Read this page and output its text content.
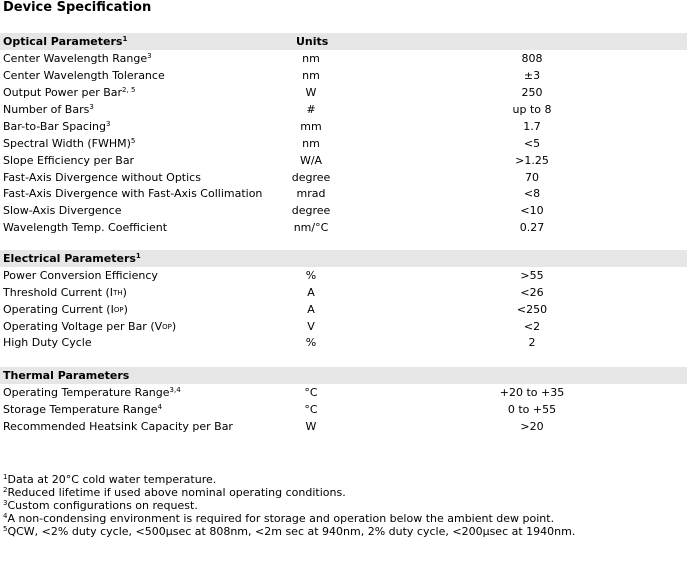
Device Specification
Optical Parameters$^1$	Units
Center Wavelength Range$^3$	nm	808
Center Wavelength Tolerance	nm	±3
Output Power per Bar$^{2, 5}$	W	250
Number of Bars$^3$	#	up to 8
Bar-to-Bar Spacing$^3$	mm	1.7
Spectral Width (FWHM)$^5$	nm	<5
Slope Efficiency per Bar	W/A	>1.25
Fast-Axis Divergence without Optics	degree	70
Fast-Axis Divergence with Fast-Axis Collimation	mrad	<8
Slow-Axis Divergence	degree	<10
Wavelength Temp. Coefficient	nm/°C	0.27
Electrical Parameters$^1$
Power Conversion Efficiency	%	>55
Threshold Current $(I_{TH})$	A	<26
Operating Current $(I_{OP})$	A	<250
Operating Voltage per Bar $(V_{OP})$	V	<2
High Duty Cycle	%	2
Thermal Parameters
Operating Temperature Range$^{3,4}$	°C	+20 to +35
Storage Temperature Range$^4$	°C	0 to +55
Recommended Heatsink Capacity per Bar	W	>20
$^1$Data at 20°C cold water temperature.
$^2$Reduced lifetime if used above nominal operating conditions.
$^3$Custom configurations on request.
$^4$A non-condensing environment is required for storage and operation below the ambient dew point.
$^5$QCW, <2% duty cycle, <500µsec at 808nm, <2m sec at 940nm, 2% duty cycle, <200µsec at 1940nm.
